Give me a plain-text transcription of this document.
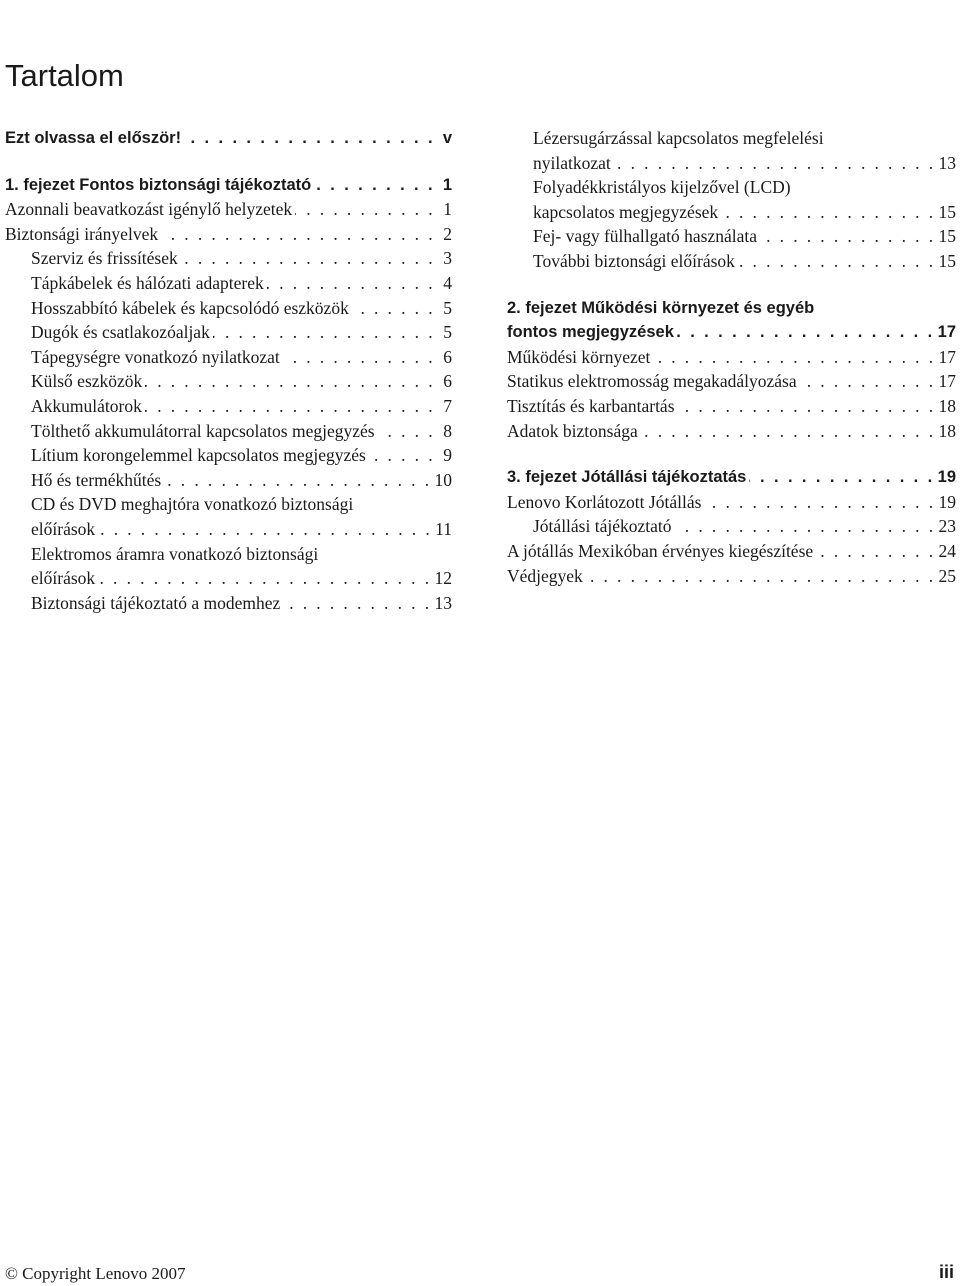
Tartalom
Ezt olvassa el először! . . .	v
1. fejezet Fontos biztonsági tájékoztató . . .	1
Azonnali beavatkozást igénylő helyzetek . . .	1
Biztonsági irányelvek . . .	2
Szerviz és frissítések . . .	3
Tápkábelek és hálózati adapterek . . .	4
Hosszabbító kábelek és kapcsolódó eszközök . . .	5
Dugók és csatlakozóaljak . . .	5
Tápegységre vonatkozó nyilatkozat . . .	6
Külső eszközök . . .	6
Akkumulátorok . . .	7
Tölthető akkumulátorral kapcsolatos megjegyzés . . .	8
Lítium korongelemmel kapcsolatos megjegyzés . . .	9
Hő és termékhűtés . . .	10
CD és DVD meghajtóra vonatkozó biztonsági
előírások . . .	11
Elektromos áramra vonatkozó biztonsági
előírások . . .	12
Biztonsági tájékoztató a modemhez . . .	13
Lézersugárzással kapcsolatos megfelelési
nyilatkozat . . .	13
Folyadékkristályos kijelzővel (LCD)
kapcsolatos megjegyzések . . .	15
Fej- vagy fülhallgató használata . . .	15
További biztonsági előírások . . .	15
2. fejezet Működési környezet és egyéb
fontos megjegyzések . . .	17
Működési környezet . . .	17
Statikus elektromosság megakadályozása . . .	17
Tisztítás és karbantartás . . .	18
Adatok biztonsága . . .	18
3. fejezet Jótállási tájékoztatás . . .	19
Lenovo Korlátozott Jótállás . . .	19
Jótállási tájékoztató . . .	23
A jótállás Mexikóban érvényes kiegészítése . . .	24
Védjegyek . . .	25
© Copyright Lenovo 2007	iii
